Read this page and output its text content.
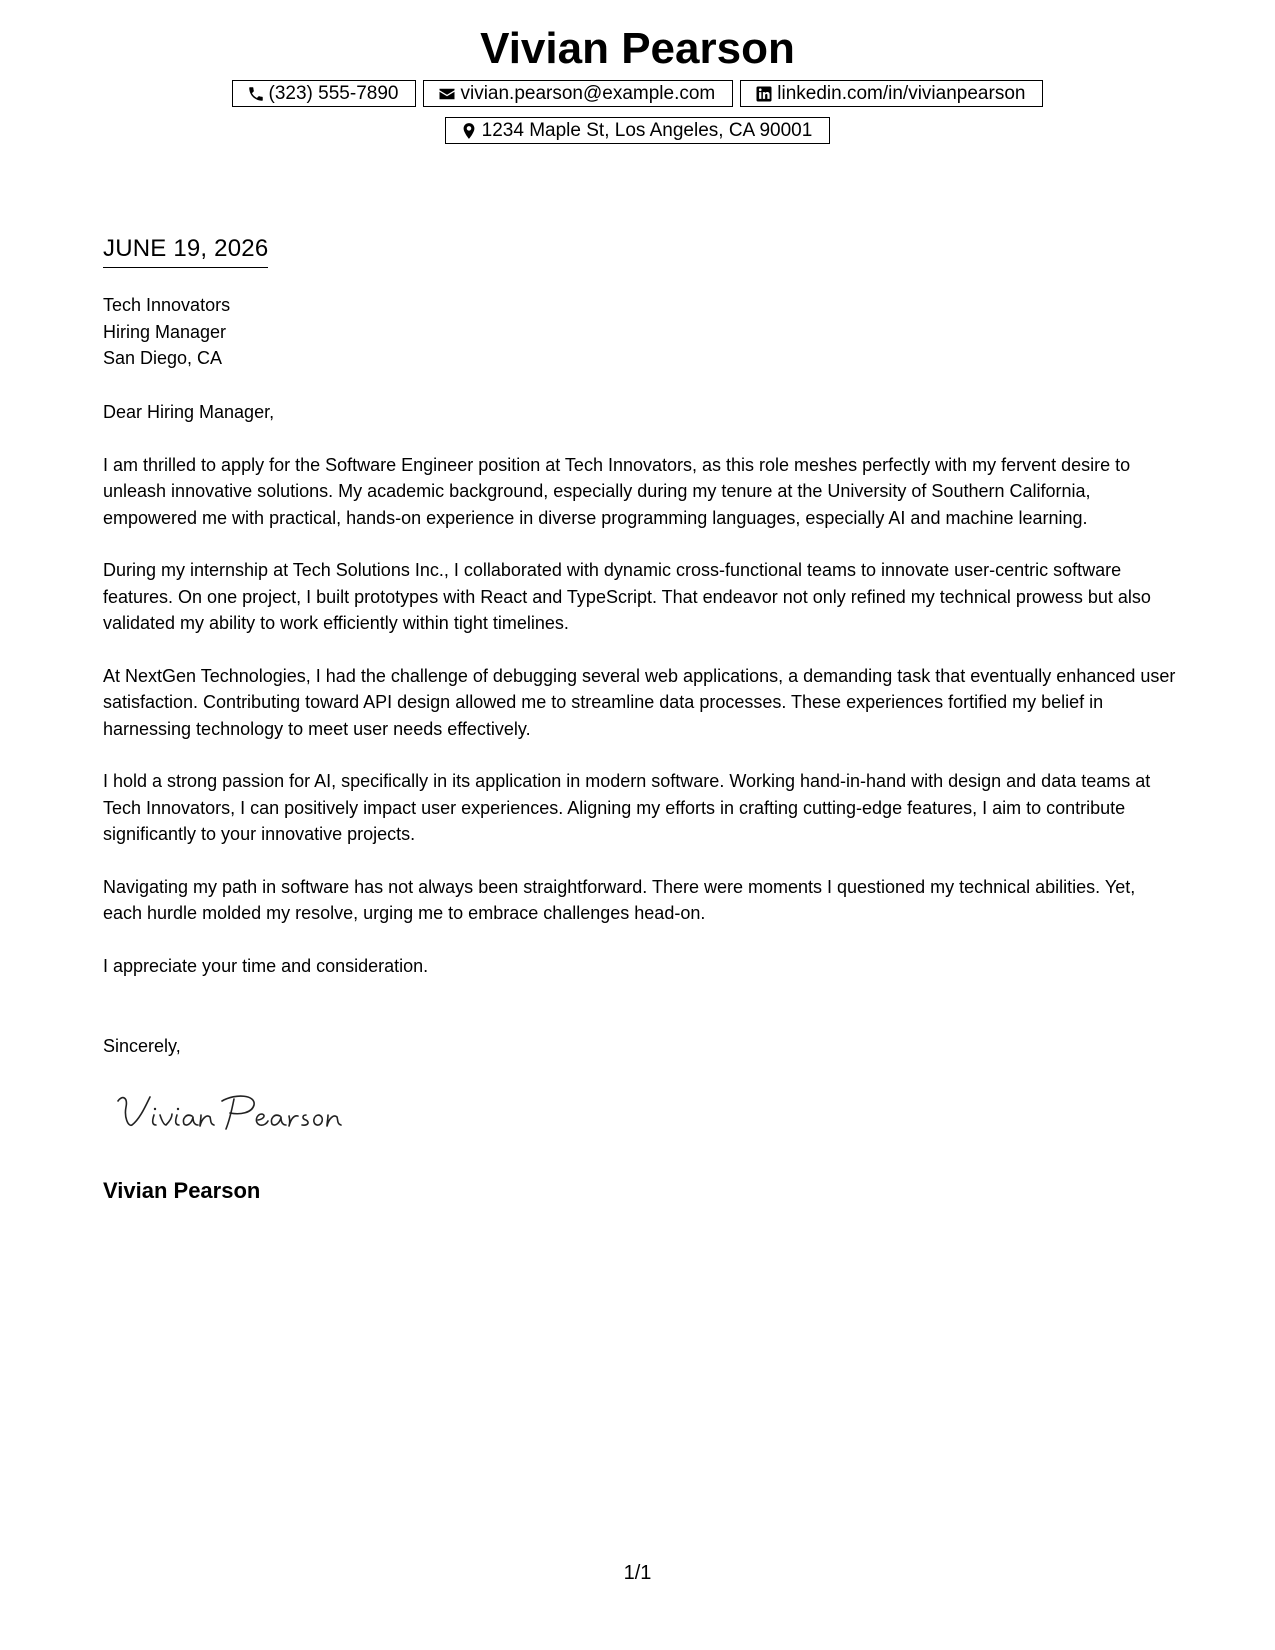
Vivian Pearson
(323) 555-7890	vivian.pearson@example.com	linkedin.com/in/vivianpearson
1234 Maple St, Los Angeles, CA 90001
JUNE 19, 2026
Tech Innovators
Hiring Manager
San Diego, CA

Dear Hiring Manager,

I am thrilled to apply for the Software Engineer position at Tech Innovators, as this role meshes perfectly with my fervent desire to unleash innovative solutions. My academic background, especially during my tenure at the University of Southern California, empowered me with practical, hands-on experience in diverse programming languages, especially AI and machine learning.

During my internship at Tech Solutions Inc., I collaborated with dynamic cross-functional teams to innovate user-centric software features. On one project, I built prototypes with React and TypeScript. That endeavor not only refined my technical prowess but also validated my ability to work efficiently within tight timelines.

At NextGen Technologies, I had the challenge of debugging several web applications, a demanding task that eventually enhanced user satisfaction. Contributing toward API design allowed me to streamline data processes. These experiences fortified my belief in harnessing technology to meet user needs effectively.

I hold a strong passion for AI, specifically in its application in modern software. Working hand-in-hand with design and data teams at Tech Innovators, I can positively impact user experiences. Aligning my efforts in crafting cutting-edge features, I aim to contribute significantly to your innovative projects.

Navigating my path in software has not always been straightforward. There were moments I questioned my technical abilities. Yet, each hurdle molded my resolve, urging me to embrace challenges head-on.

I appreciate your time and consideration.

Sincerely,
Vivian Pearson
1/1
